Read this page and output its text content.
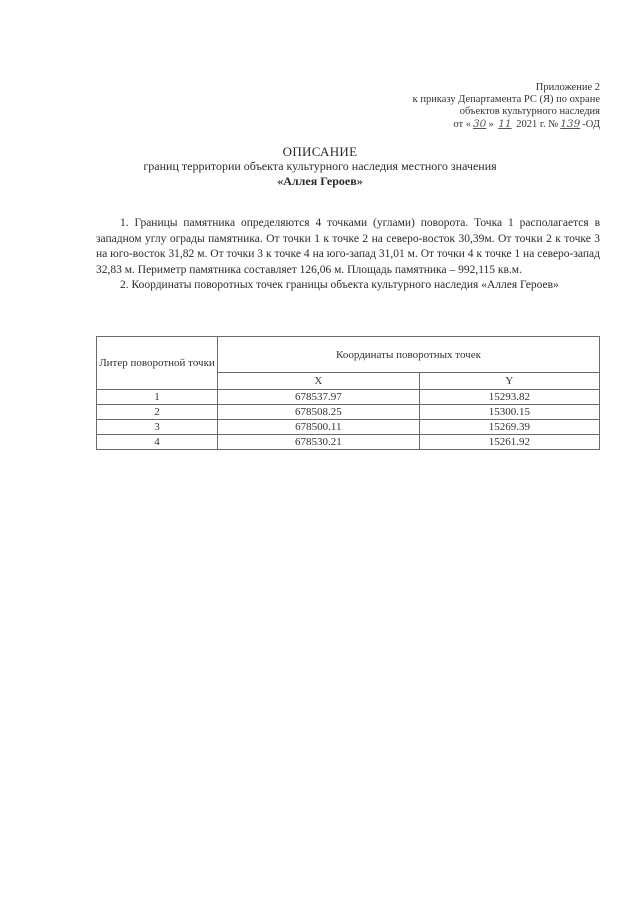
Приложение 2
к приказу Департамента РС (Я) по охране
объектов культурного наследия
от « 30 » 11 2021 г. № 139 -ОД
ОПИСАНИЕ
границ территории объекта культурного наследия местного значения
«Аллея Героев»

1. Границы памятника определяются 4 точками (углами) поворота. Точка 1 располагается в западном углу ограды памятника. От точки 1 к точке 2 на северо-восток 30,39м. От точки 2 к точке 3 на юго-восток 31,82 м. От точки 3 к точке 4 на юго-запад 31,01 м. От точки 4 к точке 1 на северо-запад 32,83 м. Периметр памятника составляет 126,06 м. Площадь памятника – 992,115 кв.м.

2. Координаты поворотных точек границы объекта культурного наследия «Аллея Героев»

Литер поворотной точки	Координаты поворотных точек	
	X	Y
1	678537.97	15293.82
2	678508.25	15300.15
3	678500.11	15269.39
4	678530.21	15261.92
